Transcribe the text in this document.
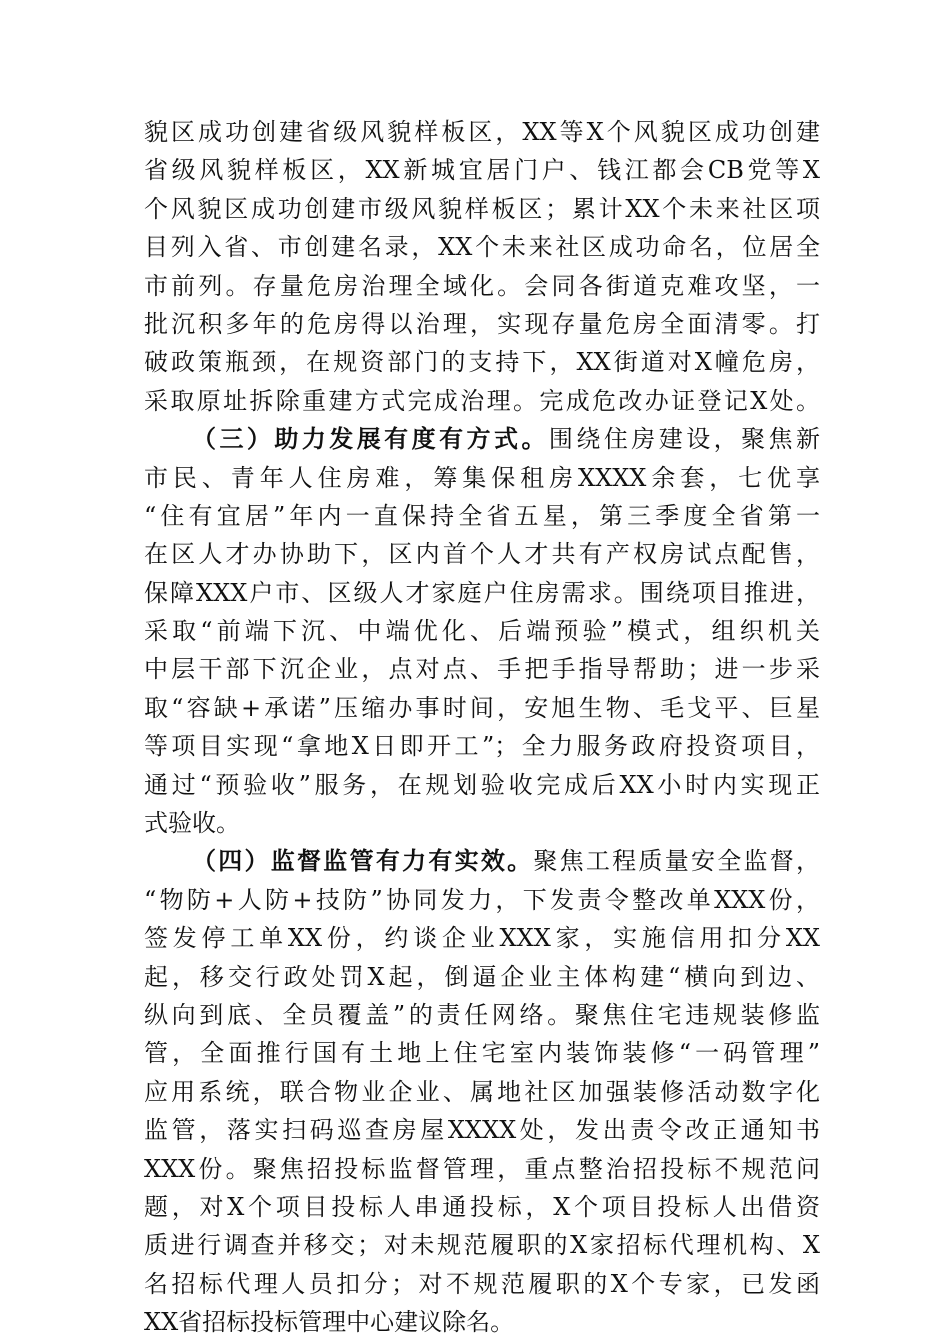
貌区成功创建省级风貌样板区，XX等X个风貌区成功创建
省级风貌样板区，XX新城宜居门户、钱江都会CB党等X
个风貌区成功创建市级风貌样板区；累计XX个未来社区项
目列入省、市创建名录，XX个未来社区成功命名，位居全
市前列。存量危房治理全域化。会同各街道克难攻坚，一
批沉积多年的危房得以治理，实现存量危房全面清零。打
破政策瓶颈，在规资部门的支持下，XX街道对X幢危房，
采取原址拆除重建方式完成治理。完成危改办证登记X处。
（三）助力发展有度有方式。围绕住房建设，聚焦新
市民、青年人住房难，筹集保租房XXXX余套，七优享
“住有宜居”年内一直保持全省五星，第三季度全省第一
在区人才办协助下，区内首个人才共有产权房试点配售，
保障XXX户市、区级人才家庭户住房需求。围绕项目推进，
采取“前端下沉、中端优化、后端预验”模式，组织机关
中层干部下沉企业，点对点、手把手指导帮助；进一步采
取“容缺+承诺”压缩办事时间，安旭生物、毛戈平、巨星
等项目实现“拿地X日即开工”；全力服务政府投资项目，
通过“预验收”服务，在规划验收完成后XX小时内实现正
式验收。
（四）监督监管有力有实效。聚焦工程质量安全监督，
“物防+人防+技防”协同发力，下发责令整改单XXX份，
签发停工单XX份，约谈企业XXX家，实施信用扣分XX
起，移交行政处罚X起，倒逼企业主体构建“横向到边、
纵向到底、全员覆盖”的责任网络。聚焦住宅违规装修监
管，全面推行国有土地上住宅室内装饰装修“一码管理”
应用系统，联合物业企业、属地社区加强装修活动数字化
监管，落实扫码巡查房屋XXXX处，发出责令改正通知书
XXX份。聚焦招投标监督管理，重点整治招投标不规范问
题，对X个项目投标人串通投标，X个项目投标人出借资
质进行调查并移交；对未规范履职的X家招标代理机构、X
名招标代理人员扣分；对不规范履职的X个专家，已发函
XX省招标投标管理中心建议除名。
